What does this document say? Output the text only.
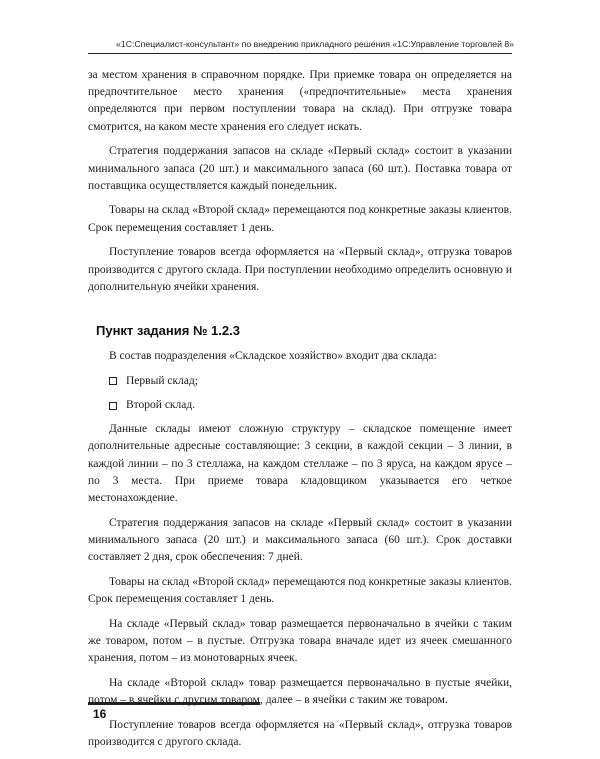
«1С:Специалист-консультант» по внедрению прикладного решения «1С:Управление торговлей 8»

за местом хранения в справочном порядке. При приемке товара он определяется на предпочтительное место хранения («предпочтительные» места хранения определяются при первом поступлении товара на склад). При отгрузке товара смотрится, на каком месте хранения его следует искать.

Стратегия поддержания запасов на складе «Первый склад» состоит в указании минимального запаса (20 шт.) и максимального запаса (60 шт.). Поставка товара от поставщика осуществляется каждый понедельник.

Товары на склад «Второй склад» перемещаются под конкретные заказы клиентов. Срок перемещения составляет 1 день.

Поступление товаров всегда оформляется на «Первый склад», отгрузка товаров производится с другого склада. При поступлении необходимо определить основную и дополнительную ячейки хранения.

Пункт задания № 1.2.3

В состав подразделения «Складское хозяйство» входит два склада:

Первый склад;
Второй склад.

Данные склады имеют сложную структуру – складское помещение имеет дополнительные адресные составляющие: 3 секции, в каждой секции – 3 линии, в каждой линии – по 3 стеллажа, на каждом стеллаже – по 3 яруса, на каждом ярусе – по 3 места. При приеме товара кладовщиком указывается его четкое местонахождение.

Стратегия поддержания запасов на складе «Первый склад» состоит в указании минимального запаса (20 шт.) и максимального запаса (60 шт.). Срок доставки составляет 2 дня, срок обеспечения: 7 дней.

Товары на склад «Второй склад» перемещаются под конкретные заказы клиентов. Срок перемещения составляет 1 день.

На складе «Первый склад» товар размещается первоначально в ячейки с таким же товаром, потом – в пустые. Отгрузка товара вначале идет из ячеек смешанного хранения, потом – из монотоварных ячеек.

На складе «Второй склад» товар размещается первоначально в пустые ячейки, потом – в ячейки с другим товаром, далее – в ячейки с таким же товаром.

Поступление товаров всегда оформляется на «Первый склад», отгрузка товаров производится с другого склада.

16
